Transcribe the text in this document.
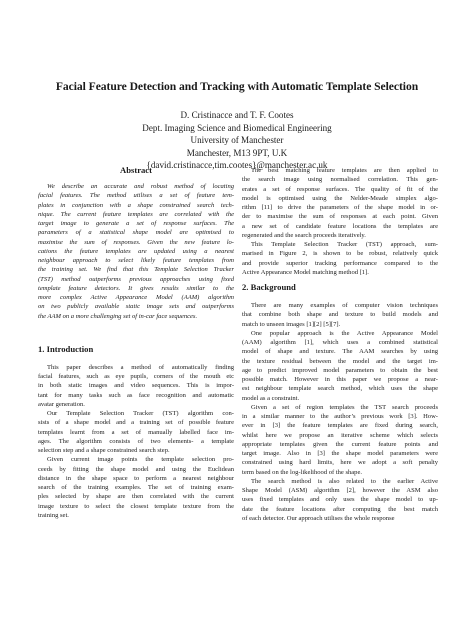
Facial Feature Detection and Tracking with Automatic Template Selection
D. Cristinacce and T. F. Cootes
Dept. Imaging Science and Biomedical Engineering
University of Manchester
Manchester, M13 9PT, U.K
{david.cristinacce,tim.cootes}@manchester.ac.uk
Abstract
We describe an accurate and robust method of locating
facial features. The method utilises a set of feature tem-
plates in conjunction with a shape constrained search tech-
nique. The current feature templates are correlated with the
target image to generate a set of response surfaces. The
parameters of a statistical shape model are optimised to
maximise the sum of responses. Given the new feature lo-
cations the feature templates are updated using a nearest
neighbour approach to select likely feature templates from
the training set. We find that this Template Selection Tracker
(TST) method outperforms previous approaches using fixed
template feature detectors. It gives results similar to the
more complex Active Appearance Model (AAM) algorithm
on two publicly available static image sets and outperforms
the AAM on a more challenging set of in-car face sequences.
1. Introduction
This paper describes a method of automatically finding
facial features, such as eye pupils, corners of the mouth etc
in both static images and video sequences. This is impor-
tant for many tasks such as face recognition and automatic
avatar generation.
Our Template Selection Tracker (TST) algorithm con-
sists of a shape model and a training set of possible feature
templates learnt from a set of manually labelled face im-
ages. The algorithm consists of two elements- a template
selection step and a shape constrained search step.
Given current image points the template selection pro-
ceeds by fitting the shape model and using the Euclidean
distance in the shape space to perform a nearest neighbour
search of the training examples. The set of training exam-
ples selected by shape are then correlated with the current
image texture to select the closest template texture from the
training set.
The best matching feature templates are then applied to
the search image using normalised correlation. This gen-
erates a set of response surfaces. The quality of fit of the
model is optimised using the Nelder-Meade simplex algo-
rithm [11] to drive the parameters of the shape model in or-
der to maximise the sum of responses at each point. Given
a new set of candidate feature locations the templates are
regenerated and the search proceeds iteratively.
This Template Selection Tracker (TST) approach, sum-
marised in Figure 2, is shown to be robust, relatively quick
and provide superior tracking performance compared to the
Active Appearance Model matching method [1].
2. Background
There are many examples of computer vision techniques
that combine both shape and texture to build models and
match to unseen images [1][2] [5][7].
One popular approach is the Active Appearance Model
(AAM) algorithm [1], which uses a combined statistical
model of shape and texture. The AAM searches by using
the texture residual between the model and the target im-
age to predict improved model parameters to obtain the best
possible match. However in this paper we propose a near-
est neighbour template search method, which uses the shape
model as a constraint.
Given a set of region templates the TST search proceeds
in a similar manner to the author’s previous work [3]. How-
ever in [3] the feature templates are fixed during search,
whilst here we propose an iterative scheme which selects
appropriate templates given the current feature points and
target image. Also in [3] the shape model parameters were
constrained using hard limits, here we adopt a soft penalty
term based on the log-likelihood of the shape.
The search method is also related to the earlier Active
Shape Model (ASM) algorithm [2], however the ASM also
uses fixed templates and only uses the shape model to up-
date the feature locations after computing the best match
of each detector. Our approach utilises the whole response
